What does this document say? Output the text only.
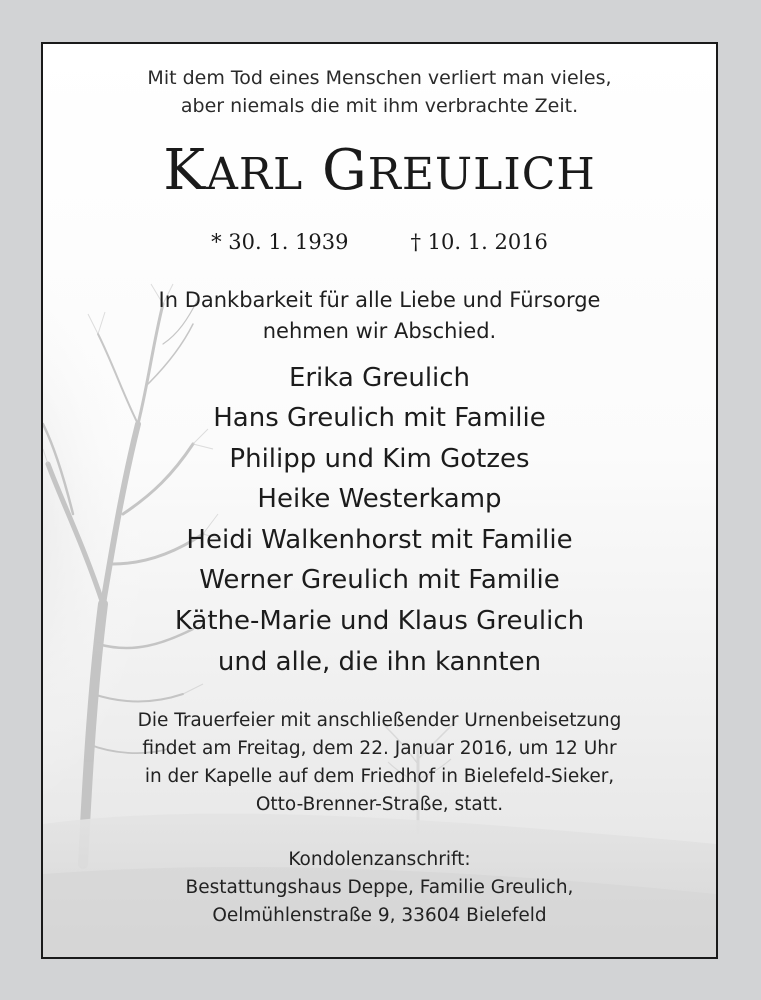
Mit dem Tod eines Menschen verliert man vieles,
aber niemals die mit ihm verbrachte Zeit.
KARL GREULICH
* 30. 1. 1939	† 10. 1. 2016
In Dankbarkeit für alle Liebe und Fürsorge
nehmen wir Abschied.
Erika Greulich
Hans Greulich mit Familie
Philipp und Kim Gotzes
Heike Westerkamp
Heidi Walkenhorst mit Familie
Werner Greulich mit Familie
Käthe-Marie und Klaus Greulich
und alle, die ihn kannten
Die Trauerfeier mit anschließender Urnenbeisetzung
findet am Freitag, dem 22. Januar 2016, um 12 Uhr
in der Kapelle auf dem Friedhof in Bielefeld-Sieker,
Otto-Brenner-Straße, statt.
Kondolenzanschrift:
Bestattungshaus Deppe, Familie Greulich,
Oelmühlenstraße 9, 33604 Bielefeld
